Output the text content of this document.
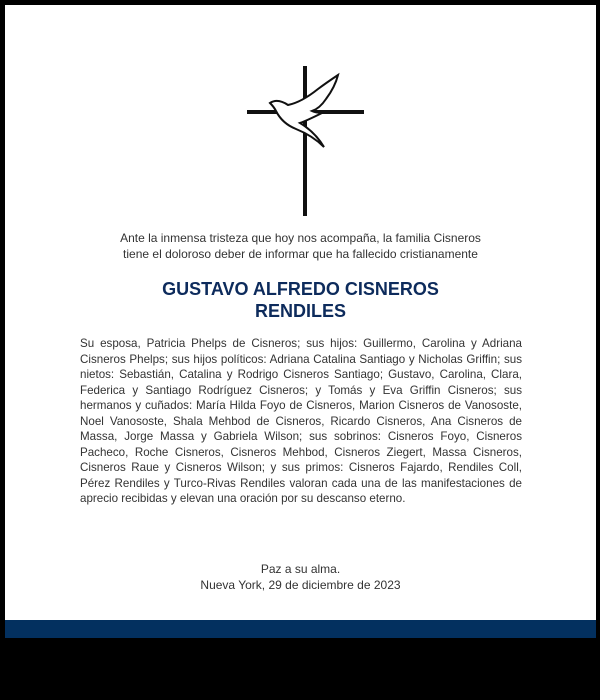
Ante la inmensa tristeza que hoy nos acompaña, la familia Cisneros
tiene el doloroso deber de informar que ha fallecido cristianamente
GUSTAVO ALFREDO CISNEROS
RENDILES
Su esposa, Patricia Phelps de Cisneros; sus hijos: Guillermo, Carolina y Adriana Cisneros Phelps; sus hijos políticos: Adriana Catalina Santiago y Nicholas Griffin; sus nietos: Sebastián, Catalina y Rodrigo Cisneros Santiago; Gustavo, Carolina, Clara, Federica y Santiago Rodríguez Cisneros; y Tomás y Eva Griffin Cisneros; sus hermanos y cuñados: María Hilda Foyo de Cisneros, Marion Cisneros de Vanososte, Noel Vanososte, Shala Mehbod de Cisneros, Ricardo Cisneros, Ana Cisneros de Massa, Jorge Massa y Gabriela Wilson; sus sobrinos: Cisneros Foyo, Cisneros Pacheco, Roche Cisneros, Cisneros Mehbod, Cisneros Ziegert, Massa Cisneros, Cisneros Raue y Cisneros Wilson; y sus primos: Cisneros Fajardo, Rendiles Coll, Pérez Rendiles y Turco-Rivas Rendiles valoran cada una de las manifestaciones de aprecio recibidas y elevan una oración por su descanso eterno.
Paz a su alma.
Nueva York, 29 de diciembre de 2023
